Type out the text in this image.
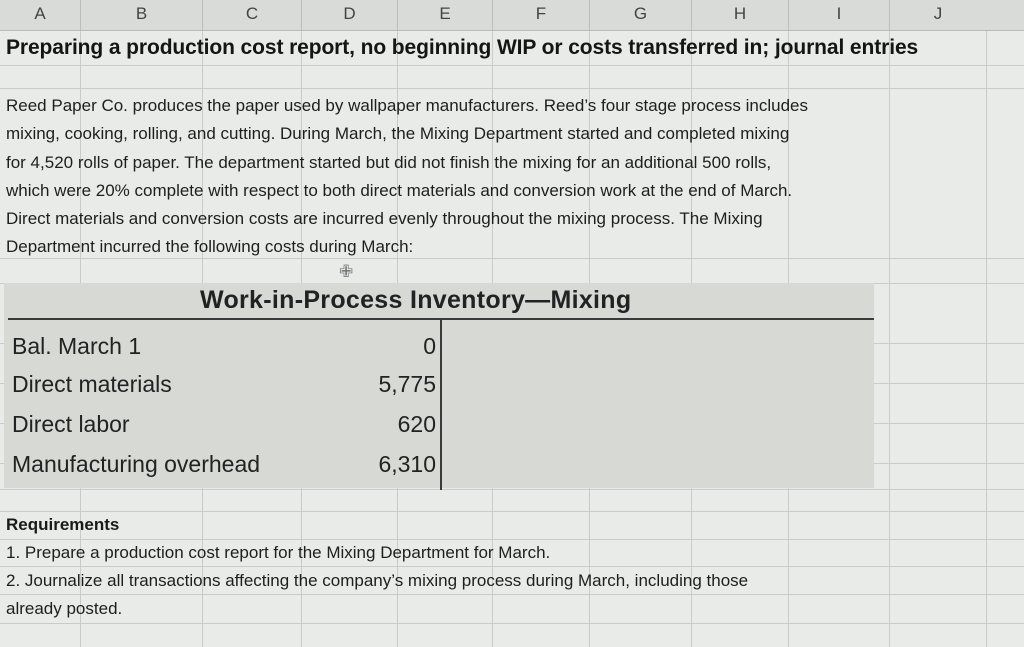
A	B	C	D	E	F	G	H	I	J
Preparing a production cost report, no beginning WIP or costs transferred in; journal entries
Reed Paper Co. produces the paper used by wallpaper manufacturers. Reed’s four stage process includes
mixing, cooking, rolling, and cutting. During March, the Mixing Department started and completed mixing
for 4,520 rolls of paper. The department started but did not finish the mixing for an additional 500 rolls,
which were 20% complete with respect to both direct materials and conversion work at the end of March.
Direct materials and conversion costs are incurred evenly throughout the mixing process. The Mixing
Department incurred the following costs during March:
✙
Work-in-Process Inventory—Mixing
Bal. March 1	0
Direct materials	5,775
Direct labor	620
Manufacturing overhead	6,310
Requirements
1. Prepare a production cost report for the Mixing Department for March.
2. Journalize all transactions affecting the company’s mixing process during March, including those
already posted.
